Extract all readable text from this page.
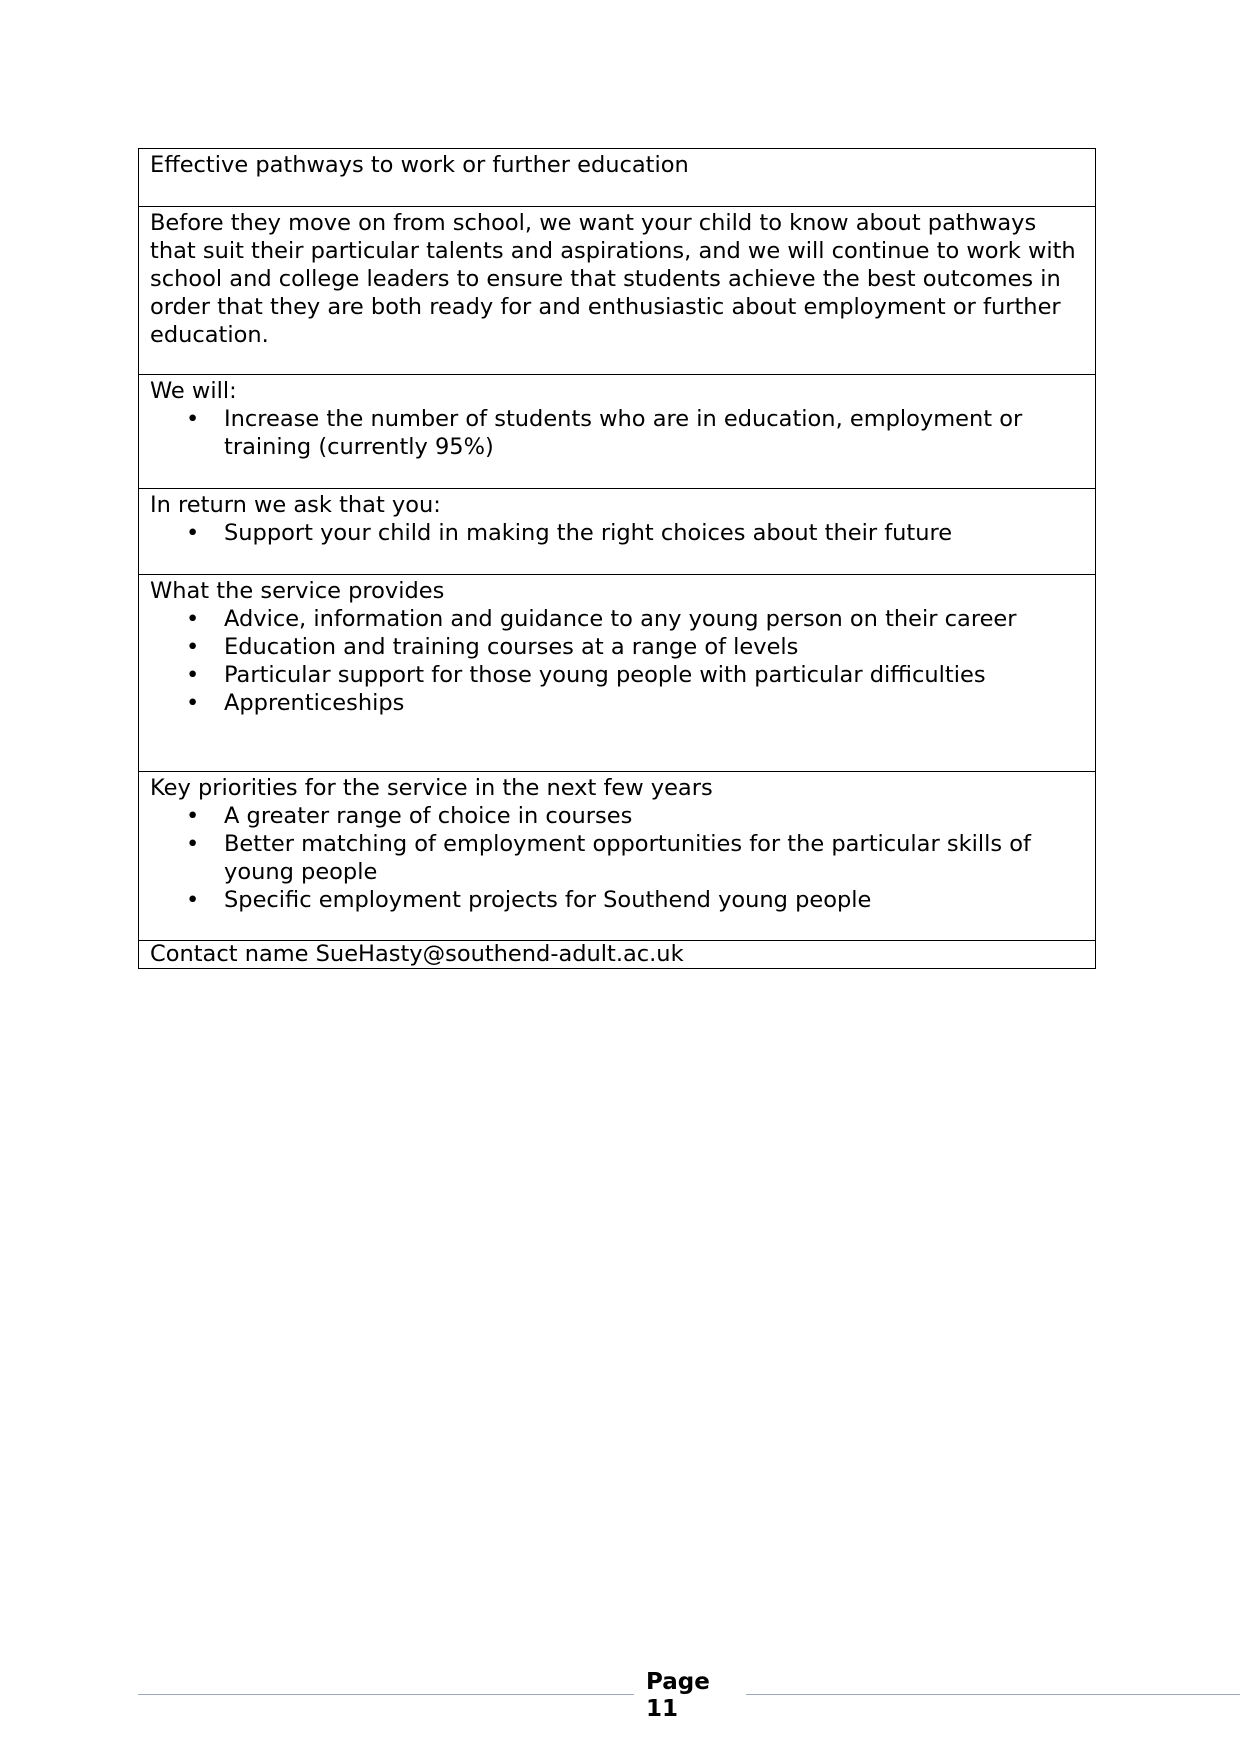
Effective pathways to work or further education
Before they move on from school, we want your child to know about pathways that suit their particular talents and aspirations, and we will continue to work with school and college leaders to ensure that students achieve the best outcomes in order that they are both ready for and enthusiastic about employment or further education.

We will:
• Increase the number of students who are in education, employment or training (currently 95%)

In return we ask that you:
• Support your child in making the right choices about their future

What the service provides
• Advice, information and guidance to any young person on their career
• Education and training courses at a range of levels
• Particular support for those young people with particular difficulties
• Apprenticeships

Key priorities for the service in the next few years
• A greater range of choice in courses
• Better matching of employment opportunities for the particular skills of young people
• Specific employment projects for Southend young people

Contact name SueHasty@southend-adult.ac.uk
Page
11
